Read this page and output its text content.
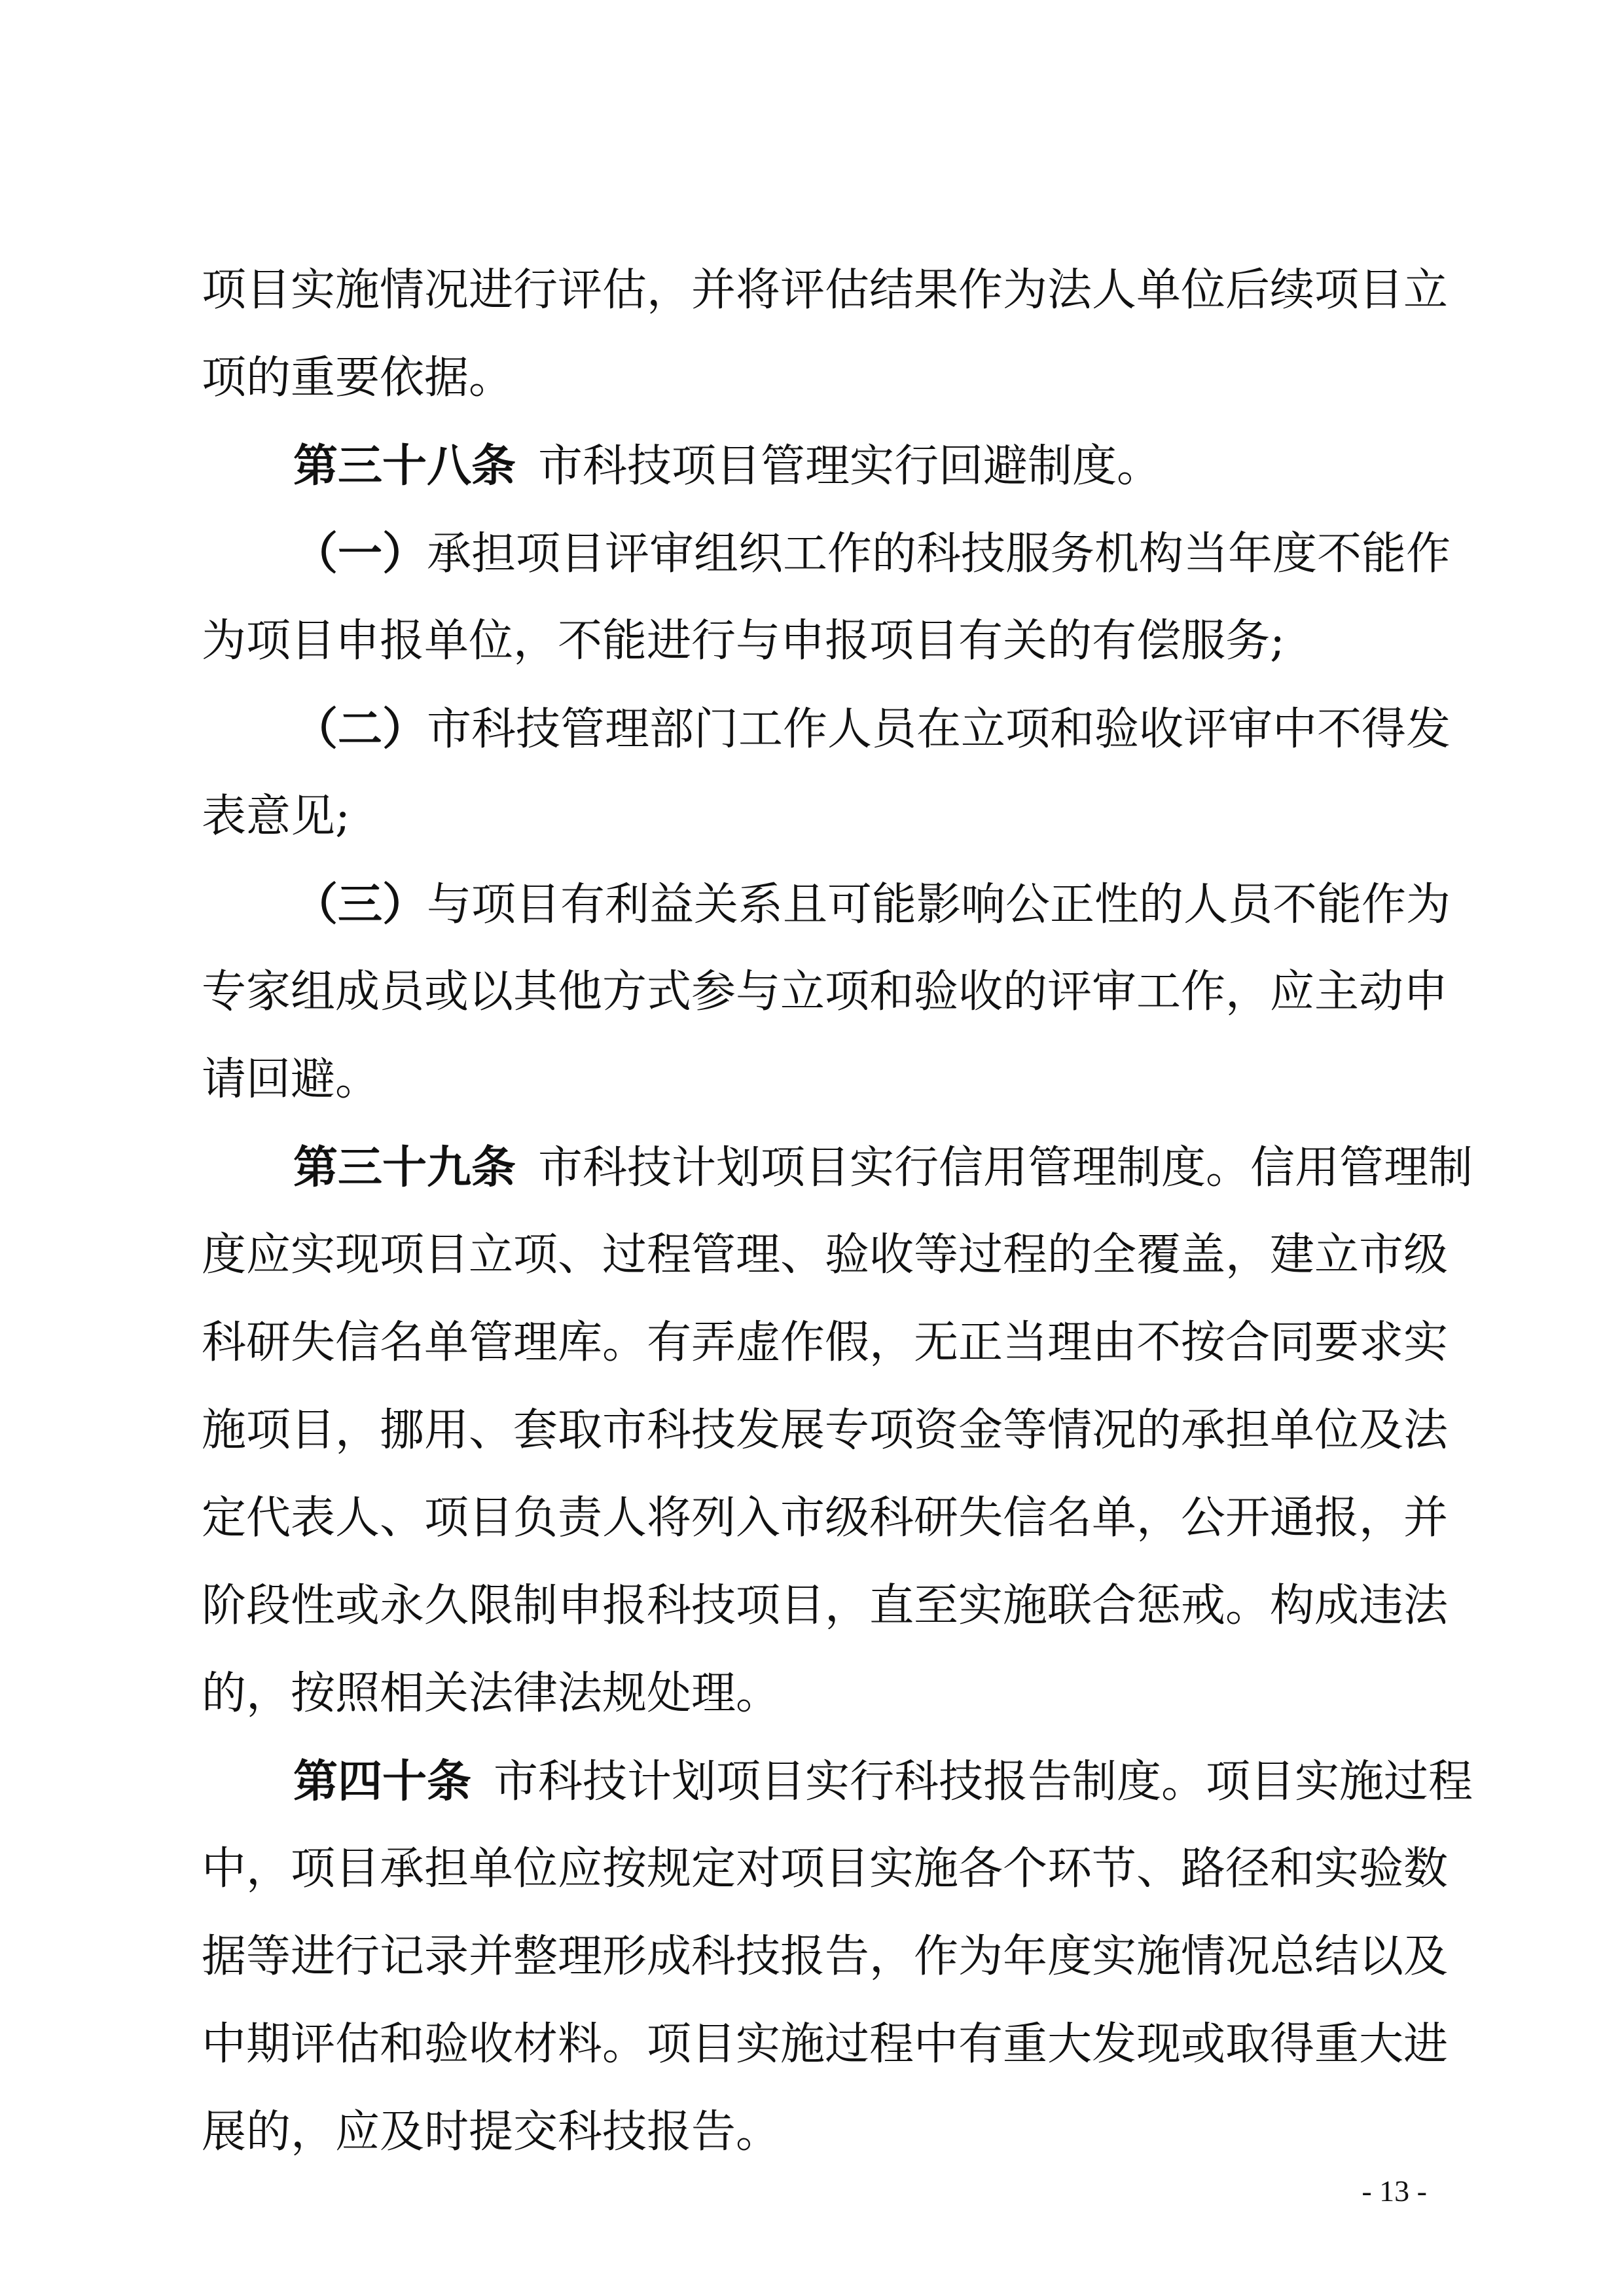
项目实施情况进行评估，并将评估结果作为法人单位后续项目立
项的重要依据。
第三十八条 市科技项目管理实行回避制度。
（一）承担项目评审组织工作的科技服务机构当年度不能作
为项目申报单位，不能进行与申报项目有关的有偿服务;
（二）市科技管理部门工作人员在立项和验收评审中不得发
表意见;
（三）与项目有利益关系且可能影响公正性的人员不能作为
专家组成员或以其他方式参与立项和验收的评审工作，应主动申
请回避。
第三十九条 市科技计划项目实行信用管理制度。信用管理制
度应实现项目立项、过程管理、验收等过程的全覆盖，建立市级
科研失信名单管理库。有弄虚作假，无正当理由不按合同要求实
施项目，挪用、套取市科技发展专项资金等情况的承担单位及法
定代表人、项目负责人将列入市级科研失信名单，公开通报，并
阶段性或永久限制申报科技项目，直至实施联合惩戒。构成违法
的，按照相关法律法规处理。
第四十条 市科技计划项目实行科技报告制度。项目实施过程
中，项目承担单位应按规定对项目实施各个环节、路径和实验数
据等进行记录并整理形成科技报告，作为年度实施情况总结以及
中期评估和验收材料。项目实施过程中有重大发现或取得重大进
展的，应及时提交科技报告。
- 13 -
